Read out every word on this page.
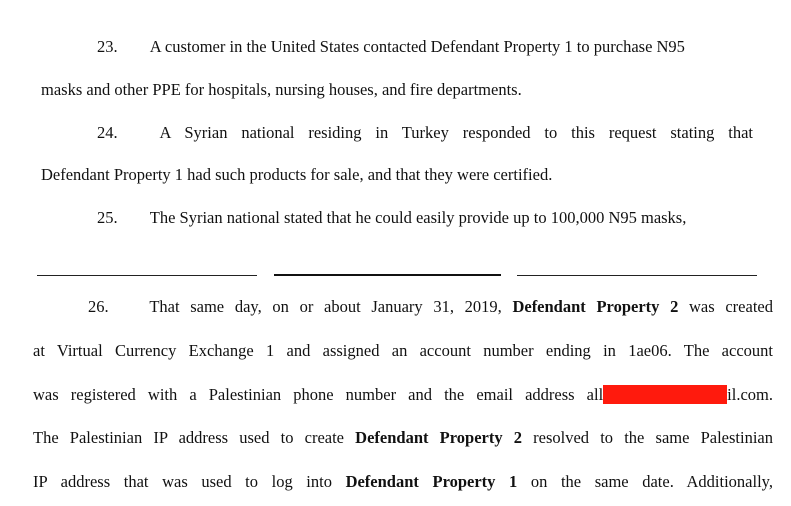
23. A customer in the United States contacted Defendant Property 1 to purchase N95
masks and other PPE for hospitals, nursing houses, and fire departments.
24.	A Syrian national residing in Turkey responded to this request stating that
Defendant Property 1 had such products for sale, and that they were certified.
25. The Syrian national stated that he could easily provide up to 100,000 N95 masks,
26. That same day, on or about January 31, 2019, Defendant Property 2 was created
at Virtual Currency Exchange 1 and assigned an account number ending in 1ae06. The account
was registered with a Palestinian phone number and the email address all	il.com.
The Palestinian IP address used to create Defendant Property 2 resolved to the same Palestinian
IP address that was used to log into Defendant Property 1 on the same date. Additionally,
